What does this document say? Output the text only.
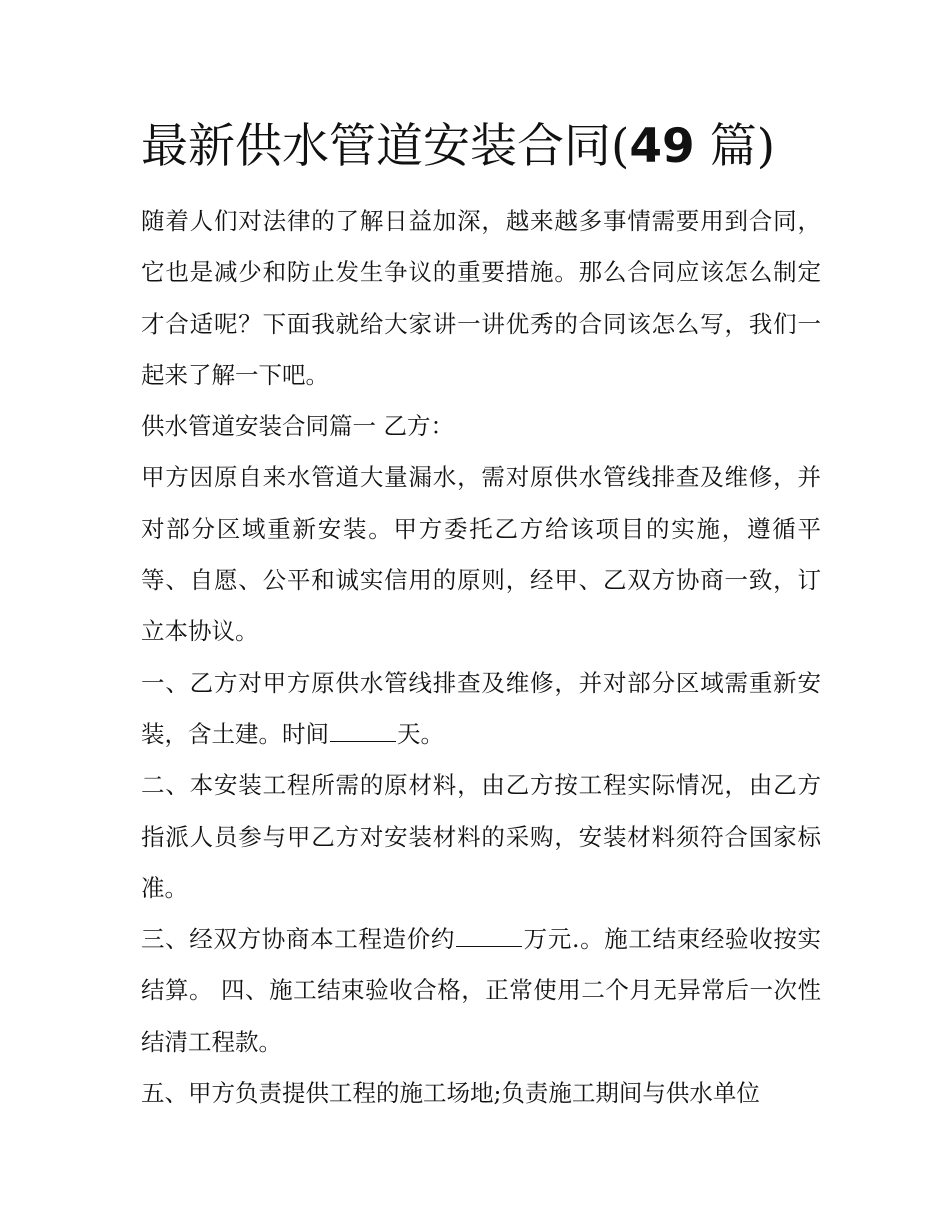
最新供水管道安装合同(49 篇)

随着人们对法律的了解日益加深，越来越多事情需要用到合同，它也是减少和防止发生争议的重要措施。那么合同应该怎么制定才合适呢？下面我就给大家讲一讲优秀的合同该怎么写，我们一起来了解一下吧。

供水管道安装合同篇一 乙方：

甲方因原自来水管道大量漏水，需对原供水管线排查及维修，并对部分区域重新安装。甲方委托乙方给该项目的实施，遵循平等、自愿、公平和诚实信用的原则，经甲、乙双方协商一致，订立本协议。

一、乙方对甲方原供水管线排查及维修，并对部分区域需重新安装，含土建。时间	天。

二、本安装工程所需的原材料，由乙方按工程实际情况，由乙方指派人员参与甲乙方对安装材料的采购，安装材料须符合国家标准。

三、经双方协商本工程造价约	万元.。施工结束经验收按实结算。 四、施工结束验收合格，正常使用二个月无异常后一次性结清工程款。

五、甲方负责提供工程的施工场地;负责施工期间与供水单位
